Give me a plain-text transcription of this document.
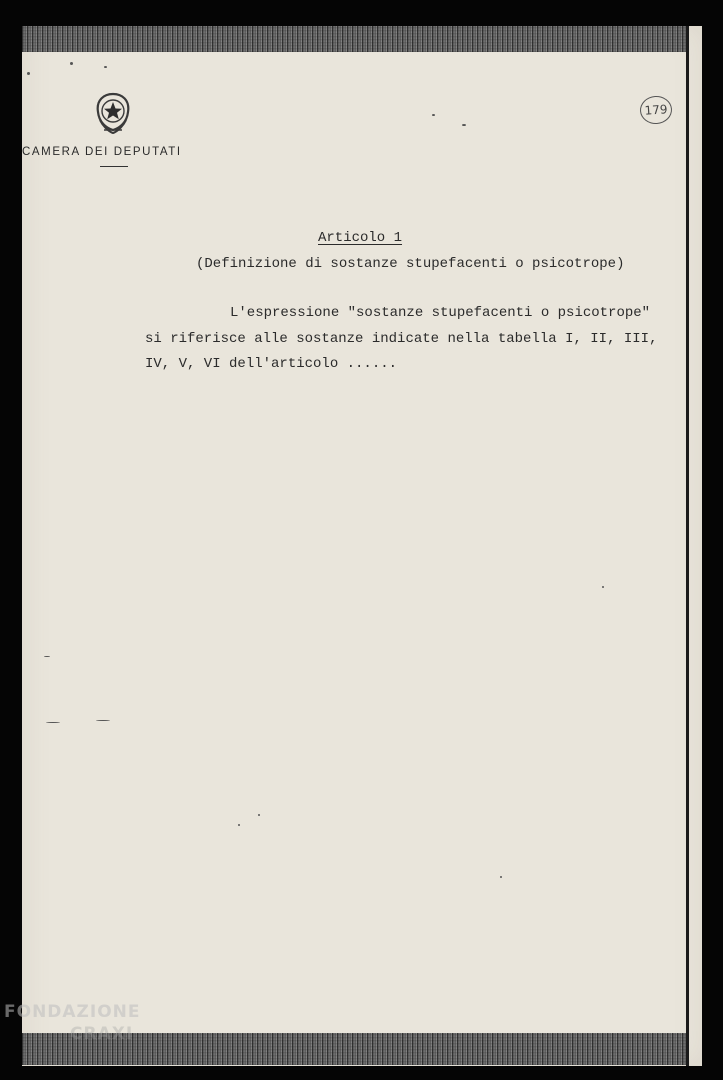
CAMERA DEI DEPUTATI
179
Articolo 1
(Definizione di sostanze stupefacenti o psicotrope)
L'espressione "sostanze stupefacenti o psicotrope"
si riferisce alle sostanze indicate nella tabella I, II, III,
IV, V, VI dell'articolo ......
FONDAZIONE
CRAXI
